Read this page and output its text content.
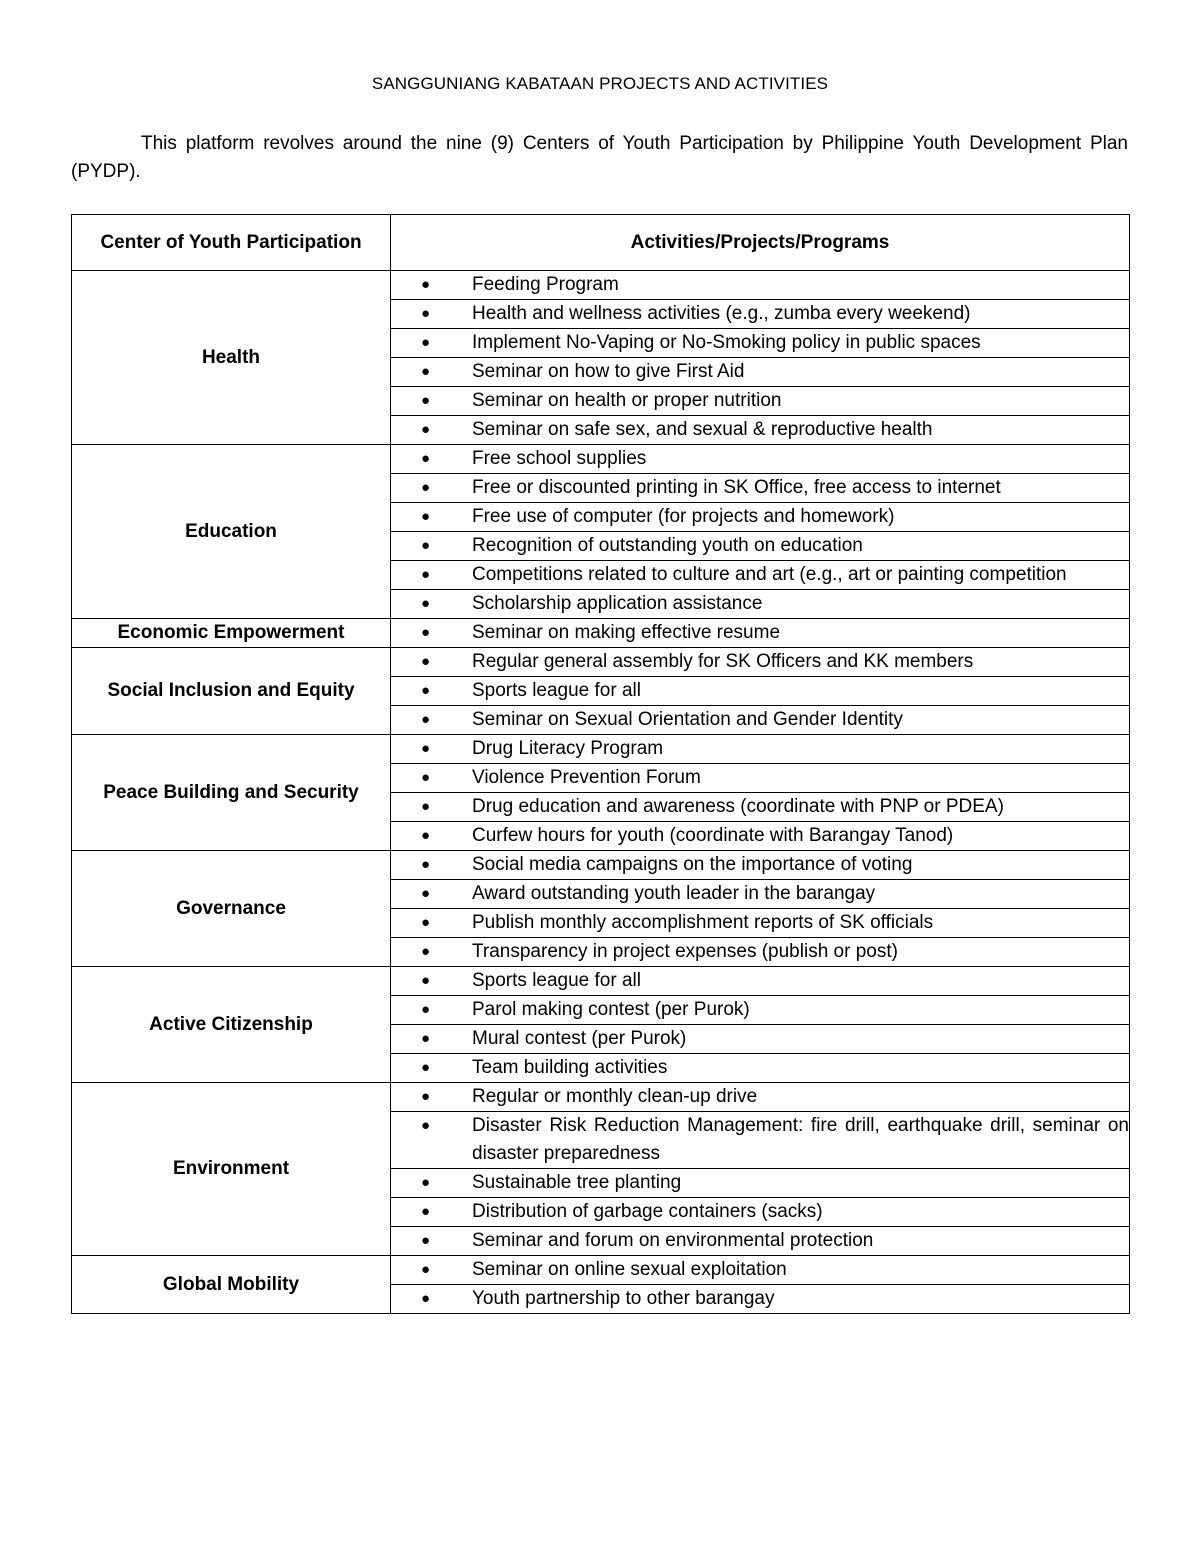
SANGGUNIANG KABATAAN PROJECTS AND ACTIVITIES

This platform revolves around the nine (9) Centers of Youth Participation by Philippine Youth Development Plan (PYDP).

Center of Youth Participation	Activities/Projects/Programs
Health	● Feeding Program

	● Health and wellness activities (e.g., zumba every weekend)

	● Implement No-Vaping or No-Smoking policy in public spaces

	● Seminar on how to give First Aid

	● Seminar on health or proper nutrition

	● Seminar on safe sex, and sexual & reproductive health

Education	● Free school supplies

	● Free or discounted printing in SK Office, free access to internet

	● Free use of computer (for projects and homework)

	● Recognition of outstanding youth on education

	● Competitions related to culture and art (e.g., art or painting competition

	● Scholarship application assistance

Economic Empowerment	● Seminar on making effective resume

Social Inclusion and Equity	● Regular general assembly for SK Officers and KK members

	● Sports league for all

	● Seminar on Sexual Orientation and Gender Identity

Peace Building and Security	● Drug Literacy Program

	● Violence Prevention Forum

	● Drug education and awareness (coordinate with PNP or PDEA)

	● Curfew hours for youth (coordinate with Barangay Tanod)

Governance	● Social media campaigns on the importance of voting

	● Award outstanding youth leader in the barangay

	● Publish monthly accomplishment reports of SK officials

	● Transparency in project expenses (publish or post)

Active Citizenship	● Sports league for all

	● Parol making contest (per Purok)

	● Mural contest (per Purok)

	● Team building activities

Environment	● Regular or monthly clean-up drive

	● Disaster Risk Reduction Management: fire drill, earthquake drill, seminar on disaster preparedness

	● Sustainable tree planting

	● Distribution of garbage containers (sacks)

	● Seminar and forum on environmental protection

Global Mobility	● Seminar on online sexual exploitation

	● Youth partnership to other barangay
